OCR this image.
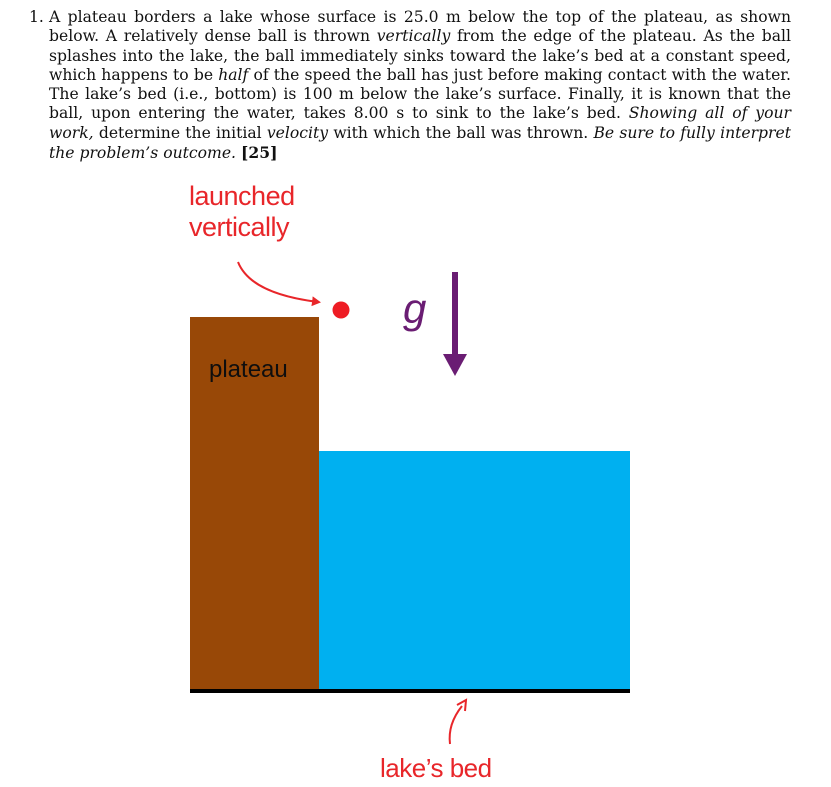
1. A plateau borders a lake whose surface is 25.0 m below the top of the plateau, as shown below. A relatively dense ball is thrown vertically from the edge of the plateau. As the ball splashes into the lake, the ball immediately sinks toward the lake’s bed at a constant speed, which happens to be half of the speed the ball has just before making contact with the water. The lake’s bed (i.e., bottom) is 100 m below the lake’s surface. Finally, it is known that the ball, upon entering the water, takes 8.00 s to sink to the lake’s bed. Showing all of your work, determine the initial velocity with which the ball was thrown. Be sure to fully interpret the problem’s outcome. [25]
launched
vertically
plateau
g
lake’s bed
